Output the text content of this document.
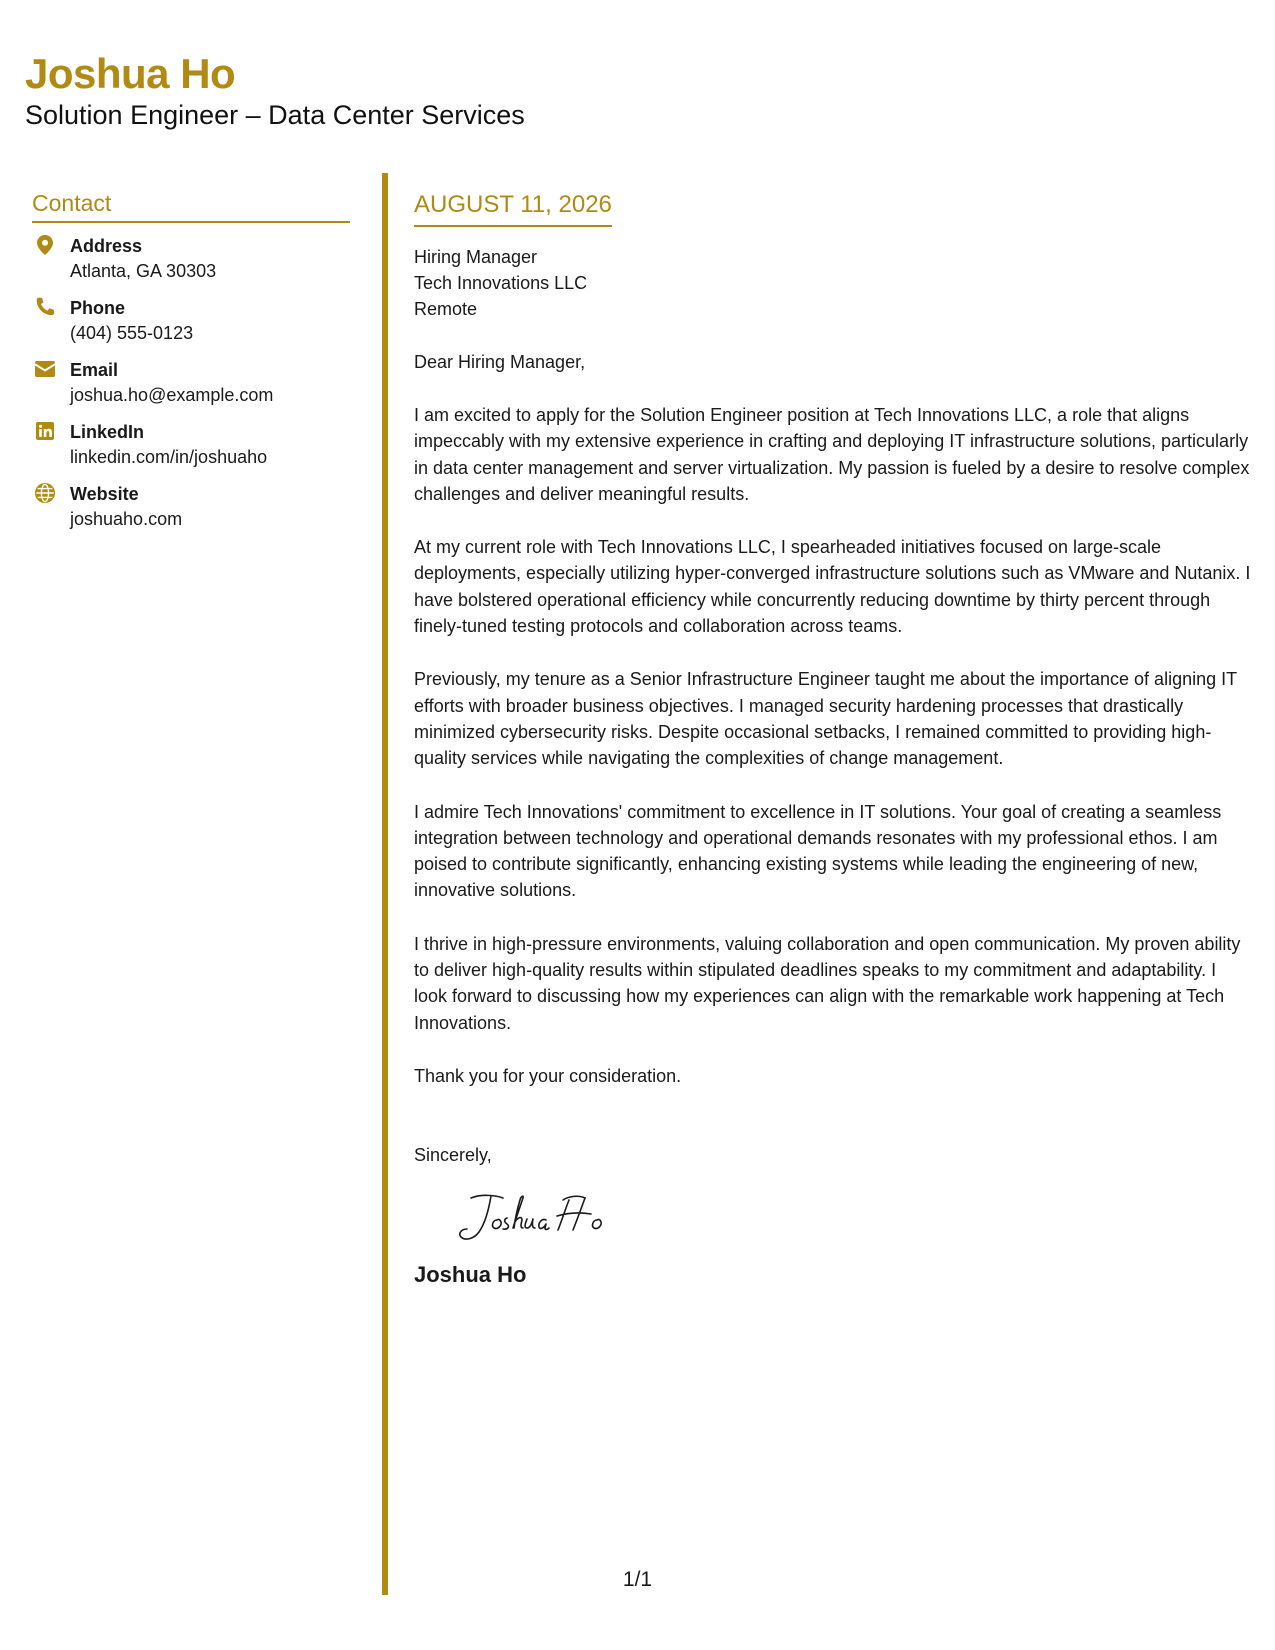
Joshua Ho
Solution Engineer – Data Center Services
Contact
Address
Atlanta, GA 30303
Phone
(404) 555-0123
Email
joshua.ho@example.com
LinkedIn
linkedin.com/in/joshuaho
Website
joshuaho.com
AUGUST 11, 2026
Hiring Manager
Tech Innovations LLC
Remote
Dear Hiring Manager,
I am excited to apply for the Solution Engineer position at Tech Innovations LLC, a role that aligns impeccably with my extensive experience in crafting and deploying IT infrastructure solutions, particularly in data center management and server virtualization. My passion is fueled by a desire to resolve complex challenges and deliver meaningful results.
At my current role with Tech Innovations LLC, I spearheaded initiatives focused on large-scale deployments, especially utilizing hyper-converged infrastructure solutions such as VMware and Nutanix. I have bolstered operational efficiency while concurrently reducing downtime by thirty percent through finely-tuned testing protocols and collaboration across teams.
Previously, my tenure as a Senior Infrastructure Engineer taught me about the importance of aligning IT efforts with broader business objectives. I managed security hardening processes that drastically minimized cybersecurity risks. Despite occasional setbacks, I remained committed to providing high-quality services while navigating the complexities of change management.
I admire Tech Innovations' commitment to excellence in IT solutions. Your goal of creating a seamless integration between technology and operational demands resonates with my professional ethos. I am poised to contribute significantly, enhancing existing systems while leading the engineering of new, innovative solutions.
I thrive in high-pressure environments, valuing collaboration and open communication. My proven ability to deliver high-quality results within stipulated deadlines speaks to my commitment and adaptability. I look forward to discussing how my experiences can align with the remarkable work happening at Tech Innovations.
Thank you for your consideration.
Sincerely,
Joshua Ho
1/1
